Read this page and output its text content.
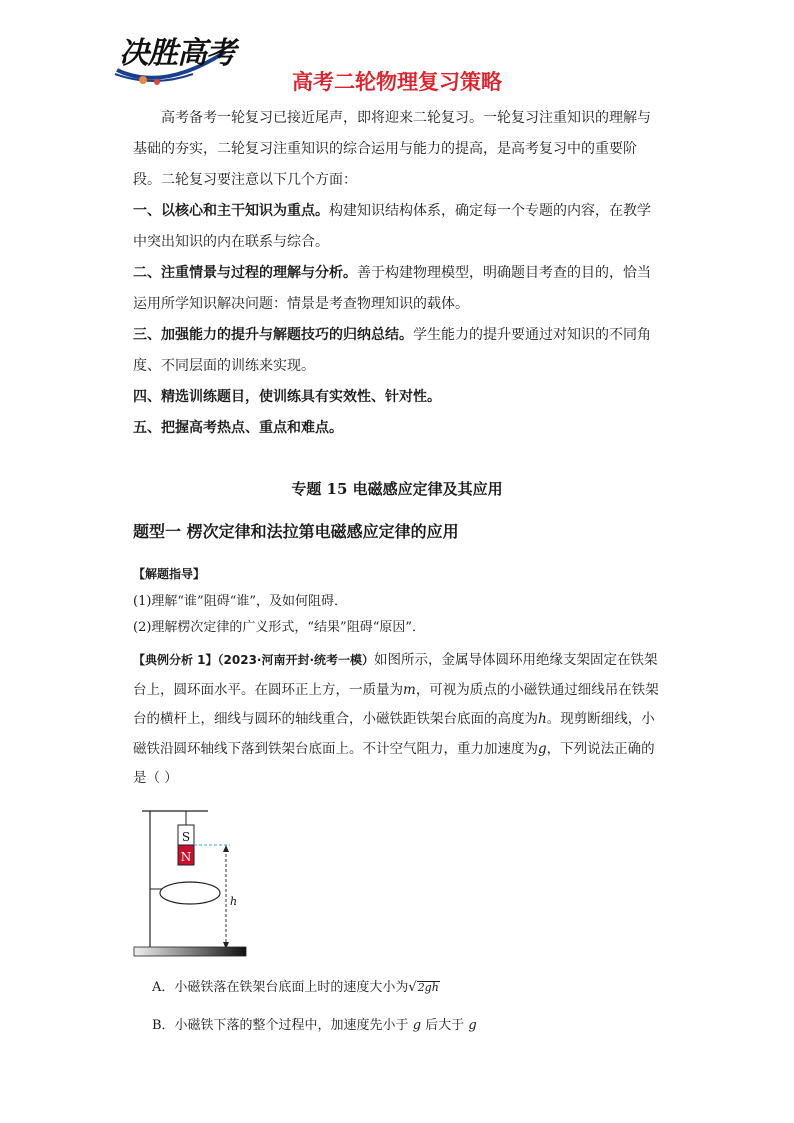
决胜高考
高考二轮物理复习策略
高考备考一轮复习已接近尾声，即将迎来二轮复习。一轮复习注重知识的理解与基础的夯实，二轮复习注重知识的综合运用与能力的提高，是高考复习中的重要阶段。二轮复习要注意以下几个方面：
一、以核心和主干知识为重点。构建知识结构体系，确定每一个专题的内容，在教学中突出知识的内在联系与综合。
二、注重情景与过程的理解与分析。善于构建物理模型，明确题目考查的目的，恰当运用所学知识解决问题：情景是考查物理知识的载体。
三、加强能力的提升与解题技巧的归纳总结。学生能力的提升要通过对知识的不同角度、不同层面的训练来实现。
四、精选训练题目，使训练具有实效性、针对性。
五、把握高考热点、重点和难点。
专题 15 电磁感应定律及其应用
题型一 楞次定律和法拉第电磁感应定律的应用
【解题指导】
(1)理解“谁”阻碍“谁”，及如何阻碍．
(2)理解楞次定律的广义形式，“结果”阻碍“原因”．
【典例分析 1】（2023·河南开封·统考一模）如图所示，金属导体圆环用绝缘支架固定在铁架台上，圆环面水平。在圆环正上方，一质量为m，可视为质点的小磁铁通过细线吊在铁架台的横杆上，细线与圆环的轴线重合，小磁铁距铁架台底面的高度为h。现剪断细线，小磁铁沿圆环轴线下落到铁架台底面上。不计空气阻力，重力加速度为g，下列说法正确的是（ ）
S
N
h
A．小磁铁落在铁架台底面上时的速度大小为√2gh
B．小磁铁下落的整个过程中，加速度先小于 g 后大于 g
